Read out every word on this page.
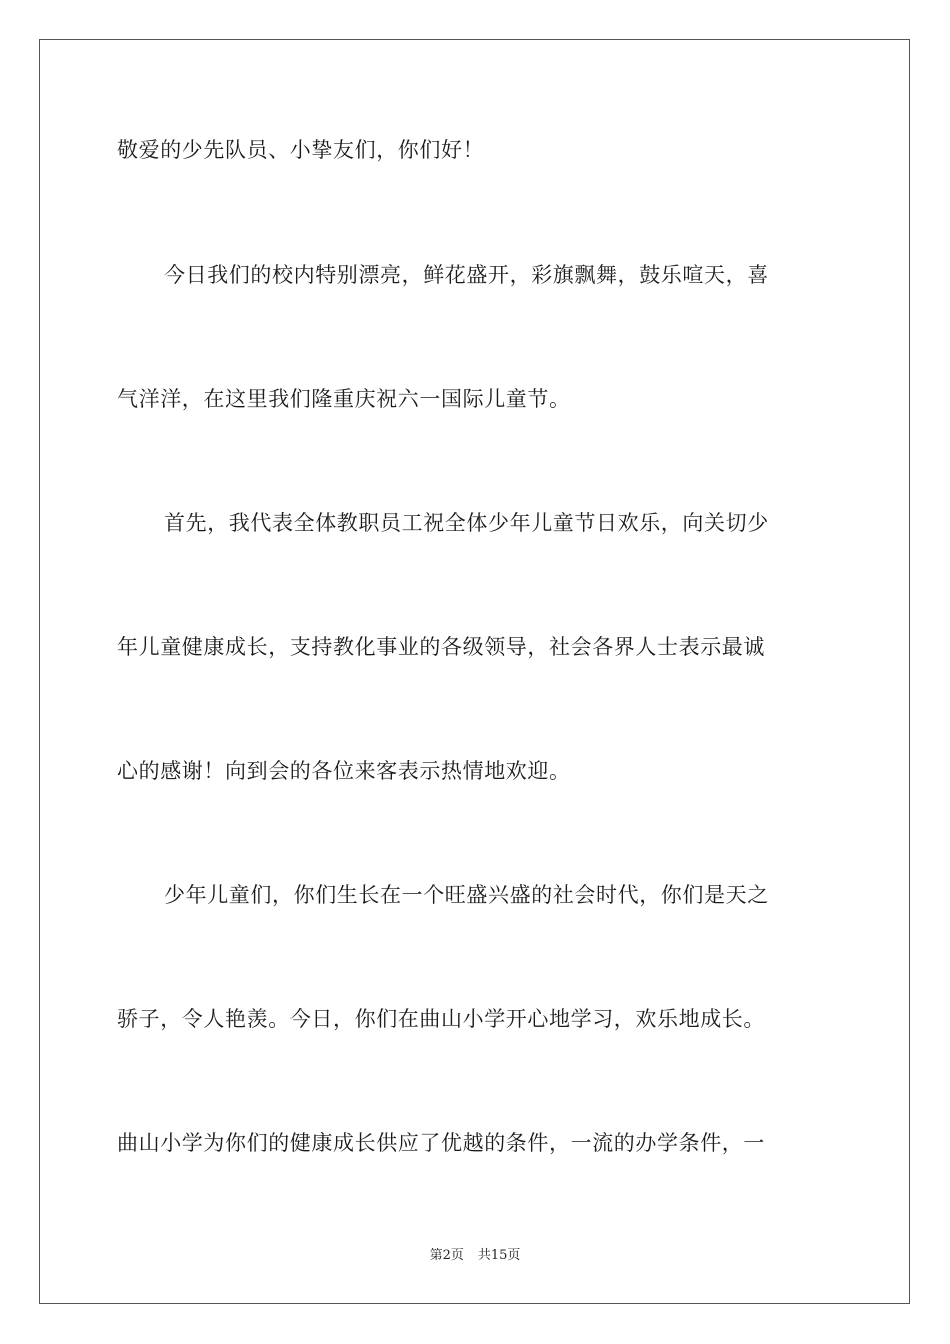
敬爱的少先队员、小挚友们，你们好！
今日我们的校内特别漂亮，鲜花盛开，彩旗飘舞，鼓乐喧天，喜
气洋洋，在这里我们隆重庆祝六一国际儿童节。
首先，我代表全体教职员工祝全体少年儿童节日欢乐，向关切少
年儿童健康成长，支持教化事业的各级领导，社会各界人士表示最诚
心的感谢！向到会的各位来客表示热情地欢迎。
少年儿童们，你们生长在一个旺盛兴盛的社会时代，你们是天之
骄子，令人艳羡。今日，你们在曲山小学开心地学习，欢乐地成长。
曲山小学为你们的健康成长供应了优越的条件，一流的办学条件，一
第2页 共15页
